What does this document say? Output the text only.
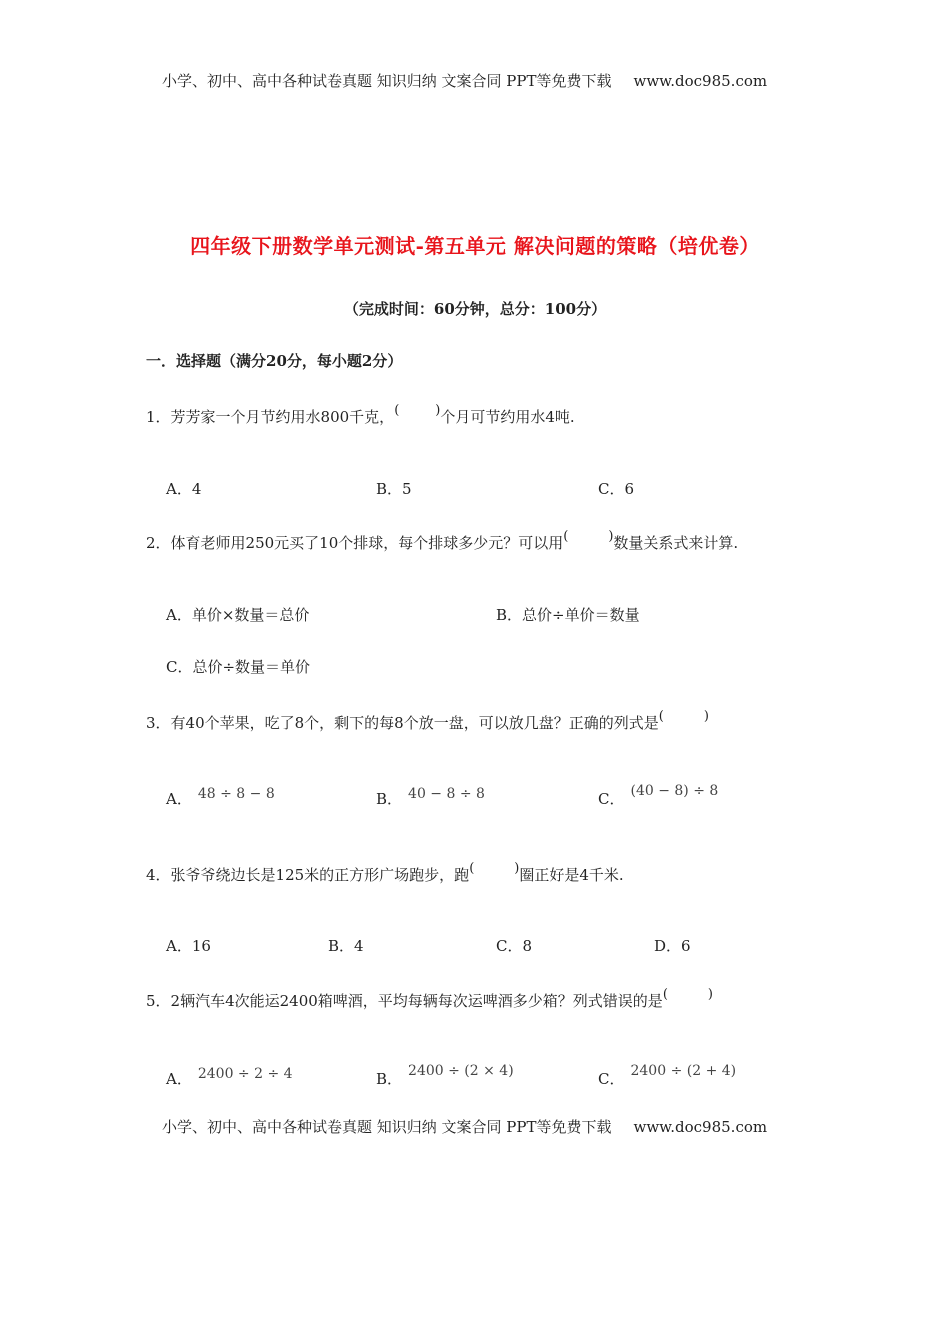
小学、初中、高中各种试卷真题 知识归纳 文案合同 PPT等免费下载 www.doc985.com
四年级下册数学单元测试-第五单元 解决问题的策略（培优卷）
（完成时间：60分钟，总分：100分）
一．选择题（满分20分，每小题2分）
1．芳芳家一个月节约用水800千克，(	)个月可节约用水4吨.
A．4	B．5	C．6
2．体育老师用250元买了10个排球，每个排球多少元？可以用(	)数量关系式来计算.
A．单价×数量＝总价	B．总价÷单价＝数量
C．总价÷数量＝单价
3．有40个苹果，吃了8个，剩下的每8个放一盘，可以放几盘？正确的列式是(	)
A． 48 ÷ 8 − 8	B． 40 − 8 ÷ 8	C． (40 − 8) ÷ 8
4．张爷爷绕边长是125米的正方形广场跑步，跑(	)圈正好是4千米.
A．16	B．4	C．8	D．6
5．2辆汽车4次能运2400箱啤酒，平均每辆每次运啤酒多少箱？列式错误的是(	)
A． 2400 ÷ 2 ÷ 4	B． 2400 ÷ (2 × 4)	C． 2400 ÷ (2 + 4)
小学、初中、高中各种试卷真题 知识归纳 文案合同 PPT等免费下载 www.doc985.com
